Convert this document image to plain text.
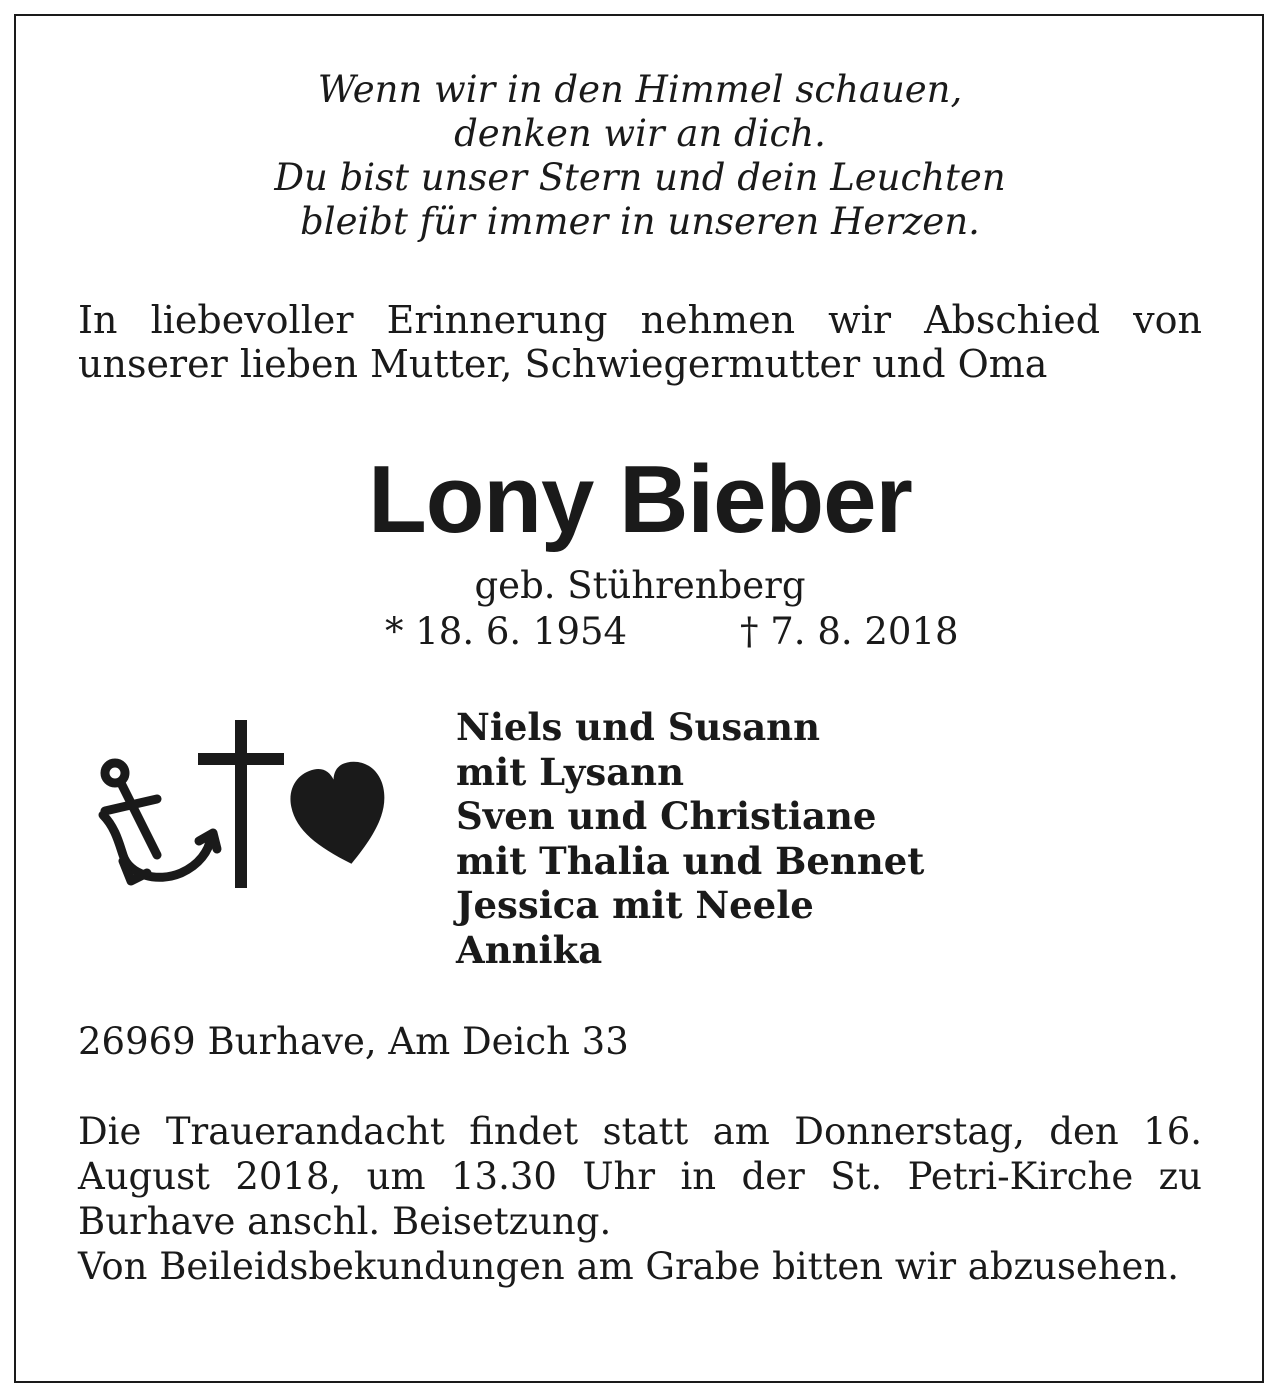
Wenn wir in den Himmel schauen,
denken wir an dich.
Du bist unser Stern und dein Leuchten
bleibt für immer in unseren Herzen.
In liebevoller Erinnerung nehmen wir Abschied von unserer lieben Mutter, Schwiegermutter und Oma
Lony Bieber
geb. Stührenberg
* 18. 6. 1954	† 7. 8. 2018
Niels und Susann
mit Lysann
Sven und Christiane
mit Thalia und Bennet
Jessica mit Neele
Annika
26969 Burhave, Am Deich 33

Die Trauerandacht findet statt am Donnerstag, den 16. August 2018, um 13.30 Uhr in der St. Petri-Kirche zu Burhave anschl. Beisetzung.

Von Beileidsbekundungen am Grabe bitten wir abzusehen.
